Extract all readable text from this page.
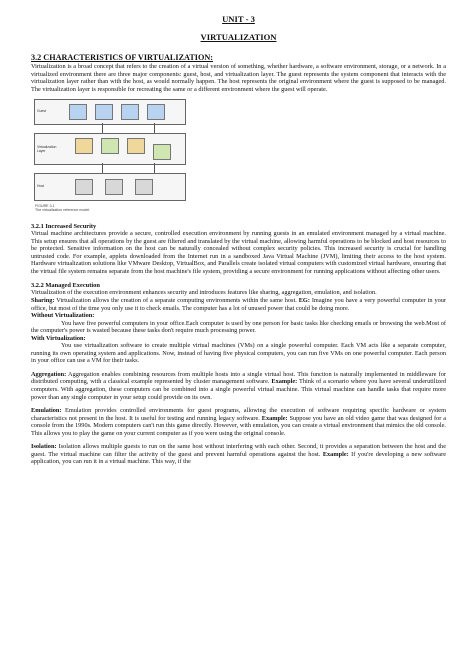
UNIT - 3
VIRTUALIZATION
3.2 CHARACTERISTICS OF VIRTUALIZATION:

Virtualization is a broad concept that refers to the creation of a virtual version of something, whether hardware, a software environment, storage, or a network. In a virtualized environment there are three major components: guest, host, and virtualization layer. The guest represents the system component that interacts with the virtualization layer rather than with the host, as would normally happen. The host represents the original environment where the guest is supposed to be managed. The virtualization layer is responsible for recreating the same or a different environment where the guest will operate.

Guest
Virtualization Layer
Host
FIGURE 3.1
The virtualization reference model.
3.2.1 Increased Security

Virtual machine architectures provide a secure, controlled execution environment by running guests in an emulated environment managed by a virtual machine. This setup ensures that all operations by the guest are filtered and translated by the virtual machine, allowing harmful operations to be blocked and host resources to be protected. Sensitive information on the host can be naturally concealed without complex security policies. This increased security is crucial for handling untrusted code. For example, applets downloaded from the Internet run in a sandboxed Java Virtual Machine (JVM), limiting their access to the host system. Hardware virtualization solutions like VMware Desktop, VirtualBox, and Parallels create isolated virtual computers with customized virtual hardware, ensuring that the virtual file system remains separate from the host machine's file system, providing a secure environment for running applications without affecting other users.

3.2.2 Managed Execution

Virtualization of the execution environment enhances security and introduces features like sharing, aggregation, emulation, and isolation.

Sharing: Virtualization allows the creation of a separate computing environments within the same host. EG: Imagine you have a very powerful computer in your office, but most of the time you only use it to check emails. The computer has a lot of unused power that could be doing more.

Without Virtualization:

You have five powerful computers in your office.Each computer is used by one person for basic tasks like checking emails or browsing the web.Most of the computer's power is wasted because these tasks don't require much processing power.

With Virtualization:

You use virtualization software to create multiple virtual machines (VMs) on a single powerful computer. Each VM acts like a separate computer, running its own operating system and applications. Now, instead of having five physical computers, you can run five VMs on one powerful computer. Each person in your office can use a VM for their tasks.

Aggregation: Aggregation enables combining resources from multiple hosts into a single virtual host. This function is naturally implemented in middleware for distributed computing, with a classical example represented by cluster management software. Example: Think of a scenario where you have several underutilized computers. With aggregation, these computers can be combined into a single powerful virtual machine. This virtual machine can handle tasks that require more power than any single computer in your setup could provide on its own.

Emulation: Emulation provides controlled environments for guest programs, allowing the execution of software requiring specific hardware or system characteristics not present in the host. It is useful for testing and running legacy software. Example: Suppose you have an old video game that was designed for a console from the 1990s. Modern computers can't run this game directly. However, with emulation, you can create a virtual environment that mimics the old console. This allows you to play the game on your current computer as if you were using the original console.

Isolation: Isolation allows multiple guests to run on the same host without interfering with each other. Second, it provides a separation between the host and the guest. The virtual machine can filter the activity of the guest and prevent harmful operations against the host. Example: If you're developing a new software application, you can run it in a virtual machine. This way, if the
